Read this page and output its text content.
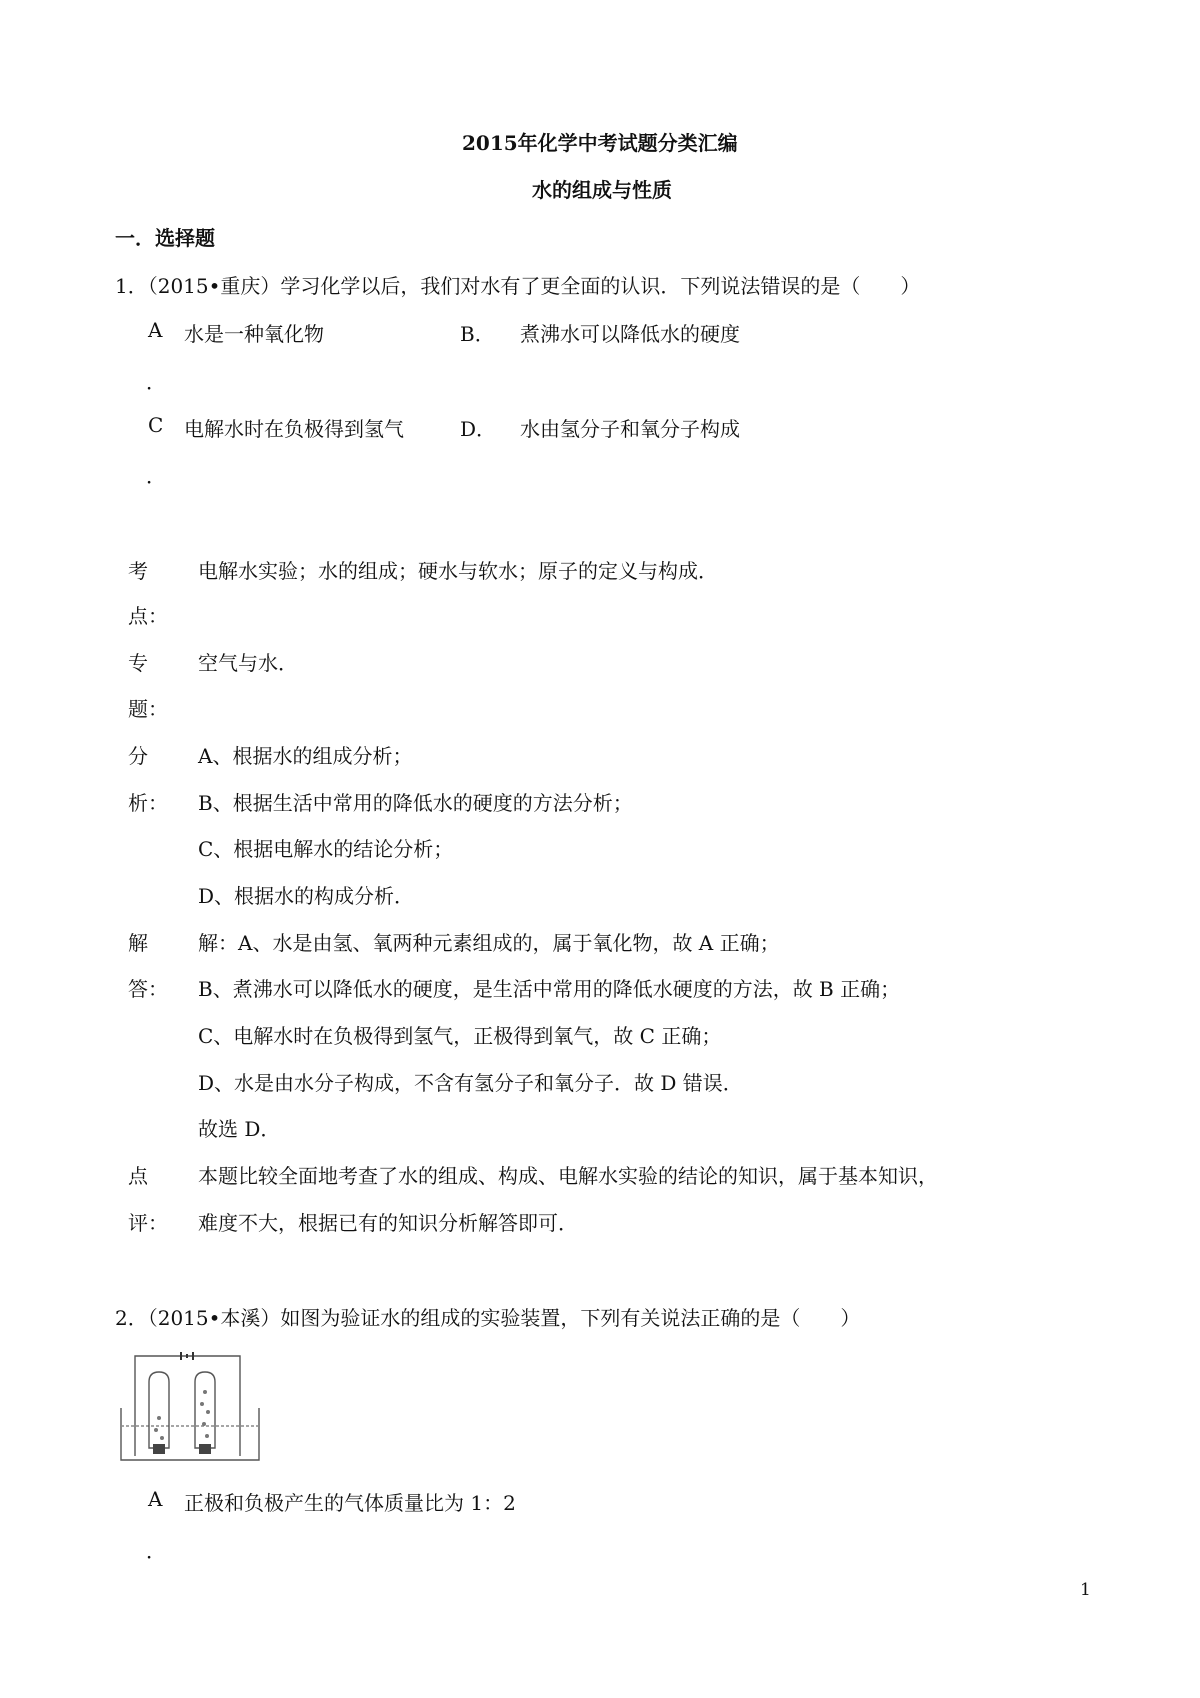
2015年化学中考试题分类汇编
水的组成与性质
一．选择题
1．（2015•重庆）学习化学以后，我们对水有了更全面的认识．下列说法错误的是（　　）
A 水是一种氧化物	B． 煮沸水可以降低水的硬度
．
C 电解水时在负极得到氢气	D． 水由氢分子和氧分子构成
．
考
点：
电解水实验；水的组成；硬水与软水；原子的定义与构成．
专
题：
空气与水．
分
析：
A、根据水的组成分析；
B、根据生活中常用的降低水的硬度的方法分析；
C、根据电解水的结论分析；
D、根据水的构成分析．
解
答：
解：A、水是由氢、氧两种元素组成的，属于氧化物，故 A 正确；
B、煮沸水可以降低水的硬度，是生活中常用的降低水硬度的方法，故 B 正确；
C、电解水时在负极得到氢气，正极得到氧气，故 C 正确；
D、水是由水分子构成，不含有氢分子和氧分子．故 D 错误．
故选 D．
点
评：
本题比较全面地考查了水的组成、构成、电解水实验的结论的知识，属于基本知识，
难度不大，根据已有的知识分析解答即可．
2．（2015•本溪）如图为验证水的组成的实验装置，下列有关说法正确的是（　　）
A 正极和负极产生的气体质量比为 1：2
．
1
